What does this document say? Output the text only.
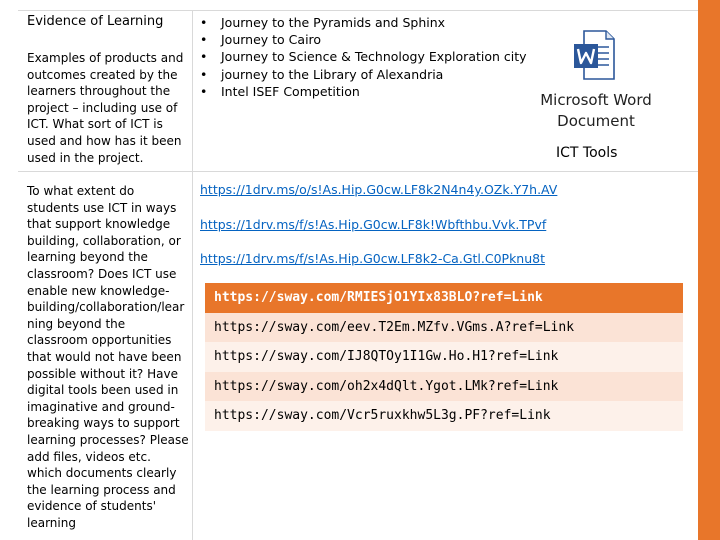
Evidence of Learning
Examples of products and outcomes created by the learners throughout the project – including use of ICT. What sort of ICT is used and how has it been used in the project.
• Journey to the Pyramids and Sphinx
• Journey to Cairo
• Journey to Science & Technology Exploration city
• journey to the Library of Alexandria
• Intel ISEF Competition	Microsoft Word Document
ICT Tools
To what extent do students use ICT in ways that support knowledge building, collaboration, or learning beyond the classroom? Does ICT use enable new knowledge-building/collaboration/lear ning beyond the classroom opportunities that would not have been possible without it? Have digital tools been used in imaginative and ground-breaking ways to support learning processes? Please add files, videos etc. which documents clearly the learning process and evidence of students' learning
https://1drv.ms/o/s!As.Hip.G0cw.LF8k2N4n4y.OZk.Y7h.AV
https://1drv.ms/f/s!As.Hip.G0cw.LF8k!Wbfthbu.Vvk.TPvf
https://1drv.ms/f/s!As.Hip.G0cw.LF8k2-Ca.Gtl.C0Pknu8t
https://sway.com/RMIESjO1YIx83BLO?ref=Link
https://sway.com/eev.T2Em.MZfv.VGms.A?ref=Link
https://sway.com/IJ8QTOy1I1Gw.Ho.H1?ref=Link
https://sway.com/oh2x4dQlt.Ygot.LMk?ref=Link
https://sway.com/Vcr5ruxkhw5L3g.PF?ref=Link
